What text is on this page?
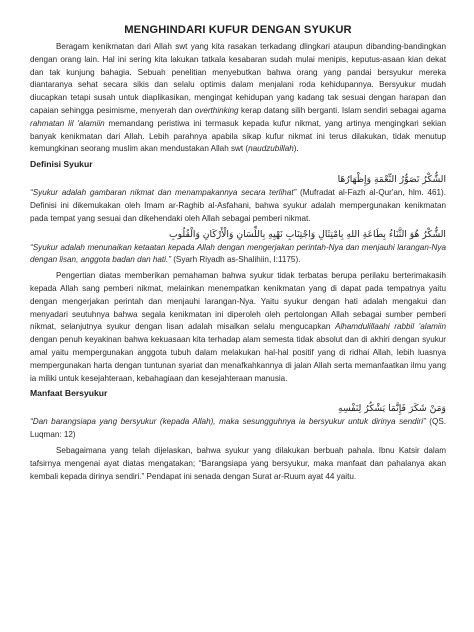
MENGHINDARI KUFUR DENGAN SYUKUR

Beragam kenikmatan dari Allah swt yang kita rasakan terkadang dlingkari ataupun dibanding-bandingkan dengan orang lain. Hal ini sering kita lakukan tatkala kesabaran sudah mulai menipis, keputus-asaan kian dekat dan tak kunjung bahagia. Sebuah penelitian menyebutkan bahwa orang yang pandai bersyukur mereka diantaranya sehat secara sikis dan selalu optimis dalam menjalani roda kehidupannya. Bersyukur mudah diucapkan tetapi susah untuk diaplikasikan, mengingat kehidupan yang kadang tak sesuai dengan harapan dan capaian sehingga pesimisme, menyerah dan overthinking kerap datang silih berganti. Islam sendiri sebagai agama rahmatan lil 'alamiin memandang peristiwa ini termasuk kepada kufur nikmat, yang artinya mengingkari sekian banyak kenikmatan dari Allah. Lebih parahnya apabila sikap kufur nikmat ini terus dilakukan, tidak menutup kemungkinan seorang muslim akan mendustakan Allah swt (naudzubillah).

Definisi Syukur
الشُّكْرُ تَصَوُّرُ النِّعْمَةِ وَإِظْهَارُهَا

“Syukur adalah gambaran nikmat dan menampakannya secara terlihat” (Mufradat al-Fazh al-Qur'an, hlm. 461). Definisi ini dikemukakan oleh Imam ar-Raghib al-Asfahani, bahwa syukur adalah mempergunakan kenikmatan pada tempat yang sesuai dan dikehendaki oleh Allah sebagai pemberi nikmat.

الشُّكْرُ هُوَ الثَّنَاءُ بِطَاعَةِ اللهِ بِامْتِثَالِ وَاجْتِنَابِ نَهْيِهِ بِاللِّسَانِ وَالْأَرْكَانِ وَالْقُلُوبِ

“Syukur adalah menunaikan ketaatan kepada Allah dengan mengerjakan perintah-Nya dan menjauhi larangan-Nya dengan lisan, anggota badan dan hati.” (Syarh Riyadh as-Shalihiin, I:1175).

Pengertian diatas memberikan pemahaman bahwa syukur tidak terbatas berupa perilaku berterimakasih kepada Allah sang pemberi nikmat, melainkan menempatkan kenikmatan yang di dapat pada tempatnya yaitu dengan mengerjakan perintah dan menjauhi larangan-Nya. Yaitu syukur dengan hati adalah mengakui dan menyadari seutuhnya bahwa segala kenikmatan ini diperoleh oleh pertolongan Allah sebagai sumber pemberi nikmat, selanjutnya syukur dengan lisan adalah misalkan selalu mengucapkan Alhamdulillaahi rabbil 'alamiin dengan penuh keyakinan bahwa kekuasaan kita terhadap alam semesta tidak absolut dan di akhiri dengan syukur amal yaitu mempergunakan anggota tubuh dalam melakukan hal-hal positif yang di ridhai Allah, lebih luasnya mempergunakan harta dengan tuntunan syariat dan menafkahkannya di jalan Allah serta memanfaatkan ilmu yang ia miliki untuk kesejahteraan, kebahagiaan dan kesejahteraan manusia.

Manfaat Bersyukur
وَمَنْ شَكَرَ فَإِنَّمَا يَشْكُرُ لِنَفْسِهِ

“Dan barangsiapa yang bersyukur (kepada Allah), maka sesungguhnya ia bersyukur untuk dirinya sendiri” (QS. Luqman: 12)

Sebagaimana yang telah dijelaskan, bahwa syukur yang dilakukan berbuah pahala. Ibnu Katsir dalam tafsirnya mengenai ayat diatas mengatakan; “Barangsiapa yang bersyukur, maka manfaat dan pahalanya akan kembali kepada dirinya sendiri.” Pendapat ini senada dengan Surat ar-Ruum ayat 44 yaitu.
